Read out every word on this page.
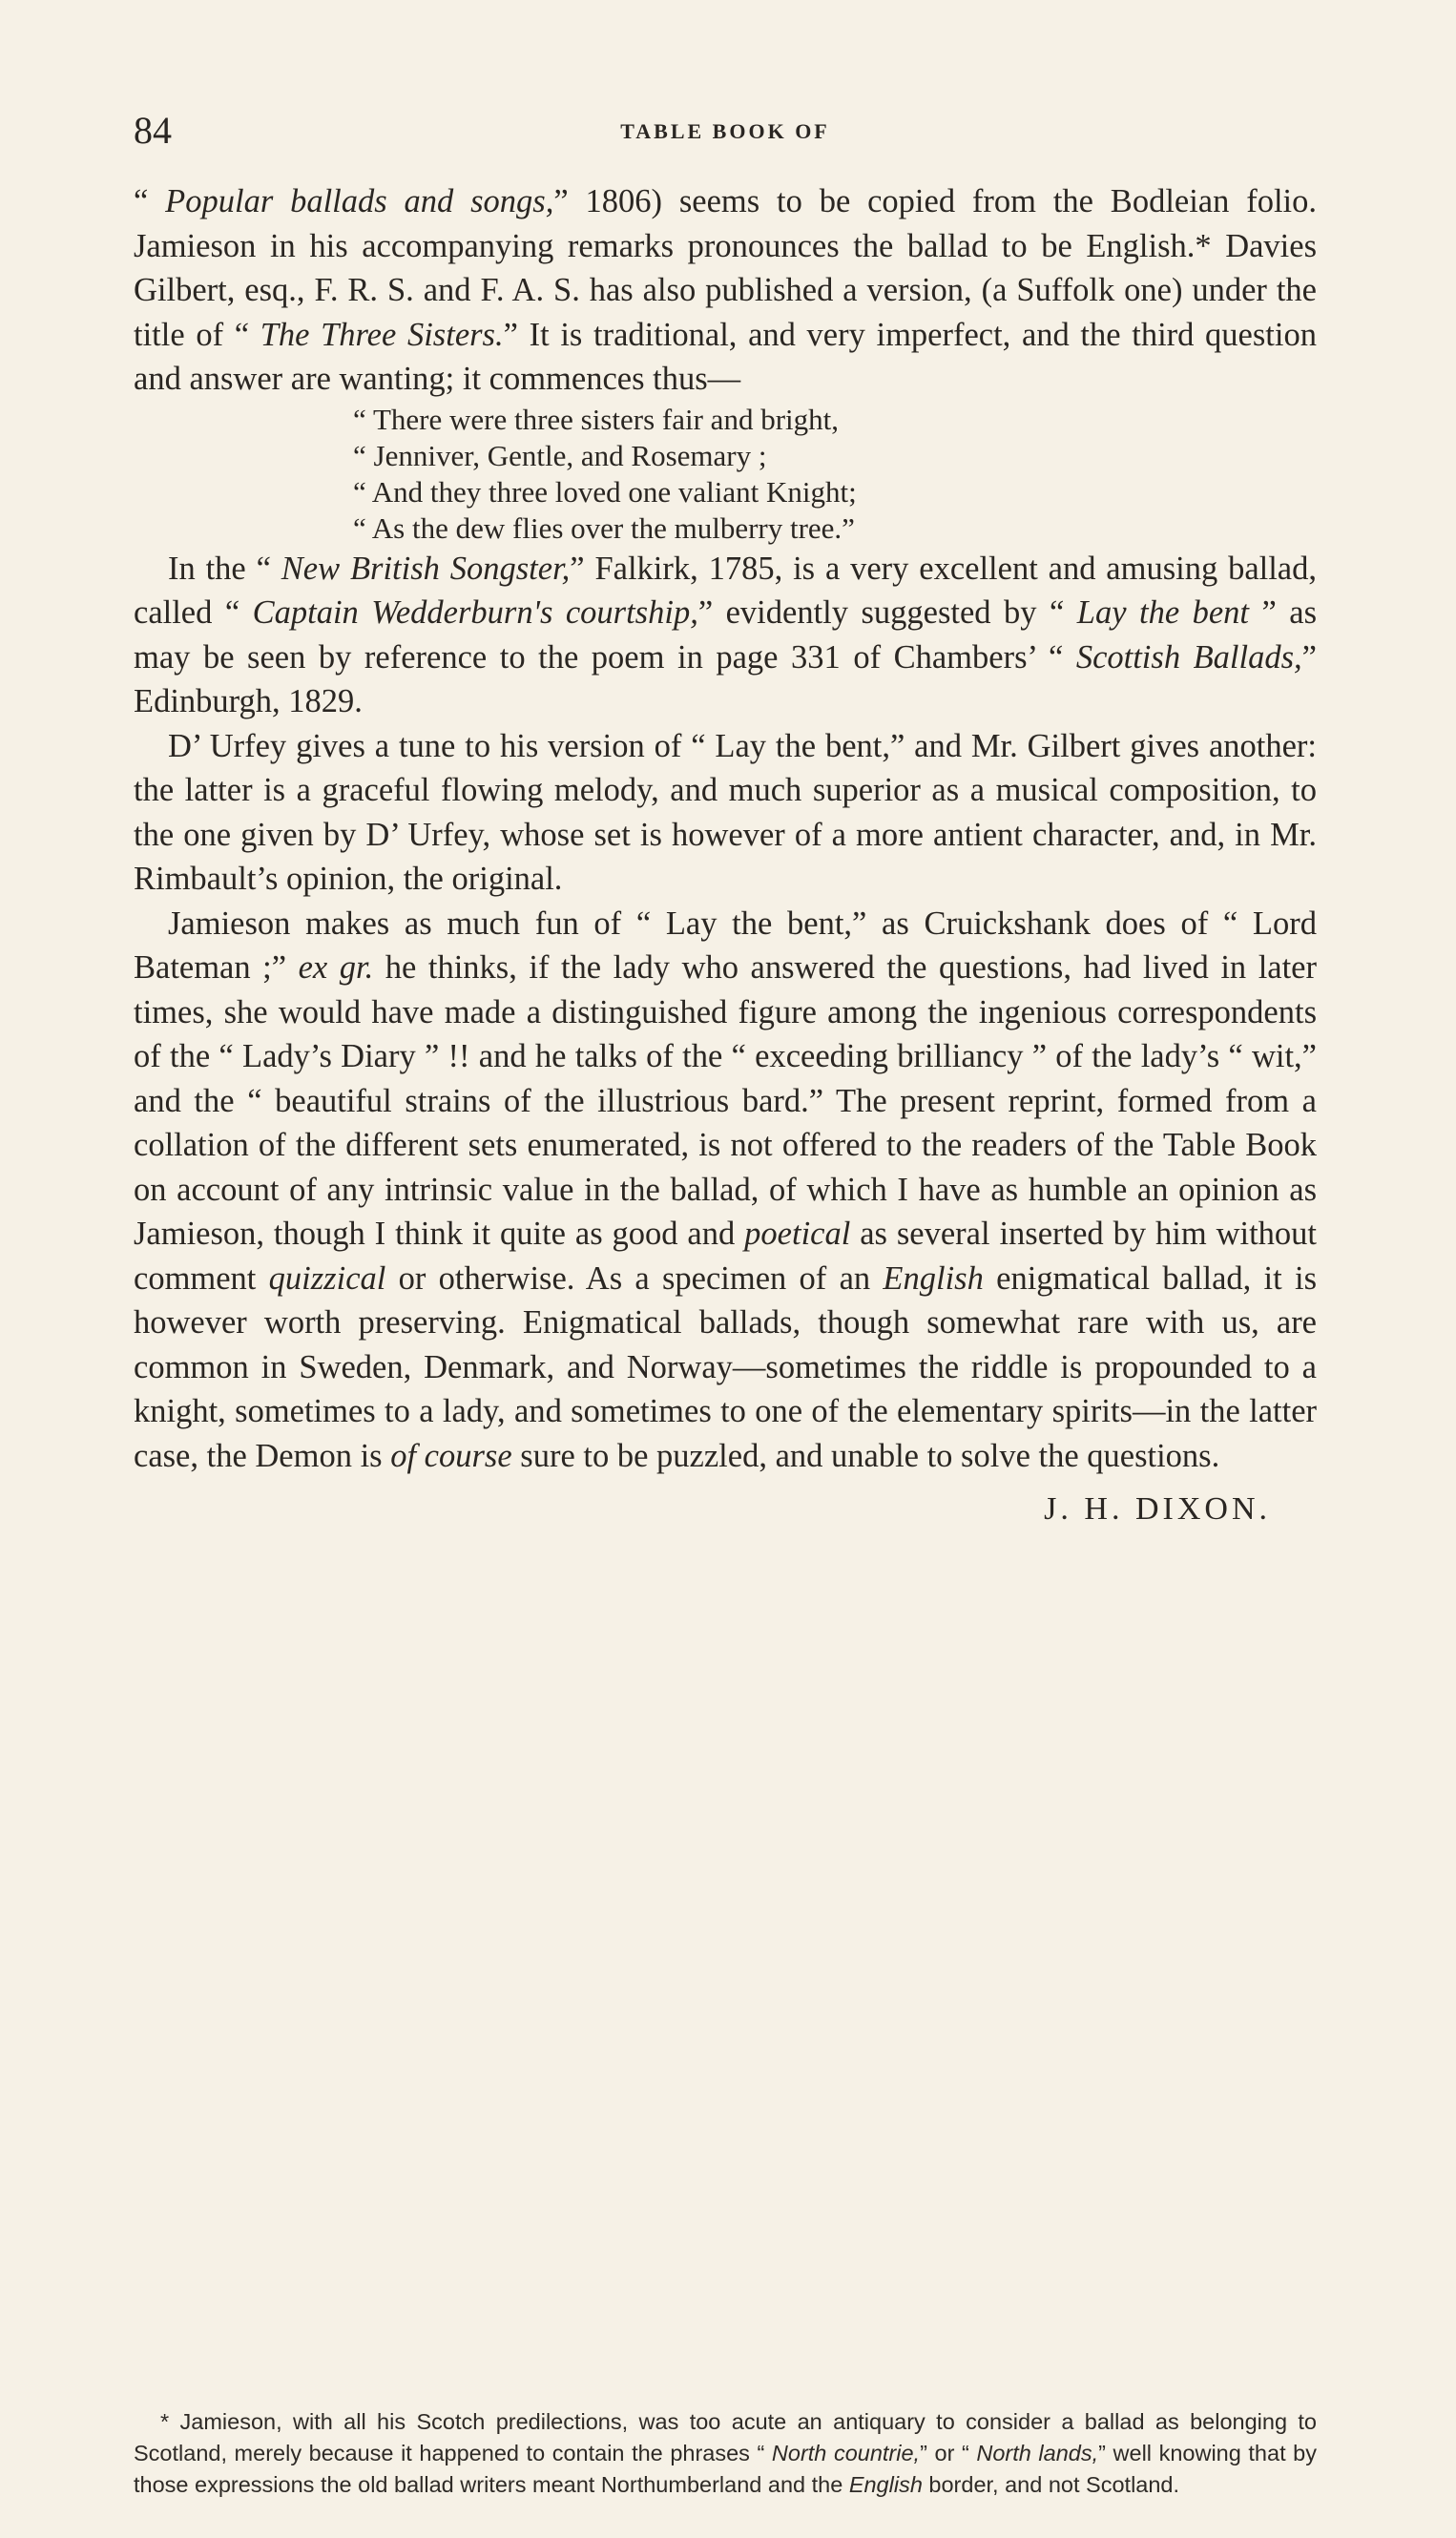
84	TABLE BOOK OF

“ Popular ballads and songs,” 1806) seems to be copied from the Bodleian folio. Jamieson in his accompanying remarks pronounces the ballad to be English.* Davies Gilbert, esq., F. R. S. and F. A. S. has also published a version, (a Suffolk one) under the title of “ The Three Sisters.” It is traditional, and very imperfect, and the third question and answer are wanting; it commences thus—

“ There were three sisters fair and bright,
“ Jenniver, Gentle, and Rosemary ;
“ And they three loved one valiant Knight;
“ As the dew flies over the mulberry tree.”

In the “ New British Songster,” Falkirk, 1785, is a very excellent and amusing ballad, called “ Captain Wedderburn's courtship,” evidently suggested by “ Lay the bent ” as may be seen by reference to the poem in page 331 of Chambers’ “ Scottish Ballads,” Edinburgh, 1829.

D’ Urfey gives a tune to his version of “ Lay the bent,” and Mr. Gilbert gives another: the latter is a graceful flowing melody, and much superior as a musical composition, to the one given by D’ Urfey, whose set is however of a more antient character, and, in Mr. Rimbault’s opinion, the original.

Jamieson makes as much fun of “ Lay the bent,” as Cruickshank does of “ Lord Bateman ;” ex gr. he thinks, if the lady who answered the questions, had lived in later times, she would have made a distinguished figure among the ingenious correspondents of the “ Lady’s Diary ” !! and he talks of the “ exceeding brilliancy ” of the lady’s “ wit,” and the “ beautiful strains of the illustrious bard.” The present reprint, formed from a collation of the different sets enumerated, is not offered to the readers of the Table Book on account of any intrinsic value in the ballad, of which I have as humble an opinion as Jamieson, though I think it quite as good and poetical as several inserted by him without comment quizzical or otherwise. As a specimen of an English enigmatical ballad, it is however worth preserving. Enigmatical ballads, though somewhat rare with us, are common in Sweden, Denmark, and Norway—sometimes the riddle is propounded to a knight, sometimes to a lady, and sometimes to one of the elementary spirits—in the latter case, the Demon is of course sure to be puzzled, and unable to solve the questions.

J. H. DIXON.

* Jamieson, with all his Scotch predilections, was too acute an antiquary to consider a ballad as belonging to Scotland, merely because it happened to contain the phrases “ North countrie,” or “ North lands,” well knowing that by those expressions the old ballad writers meant Northumberland and the English border, and not Scotland.
